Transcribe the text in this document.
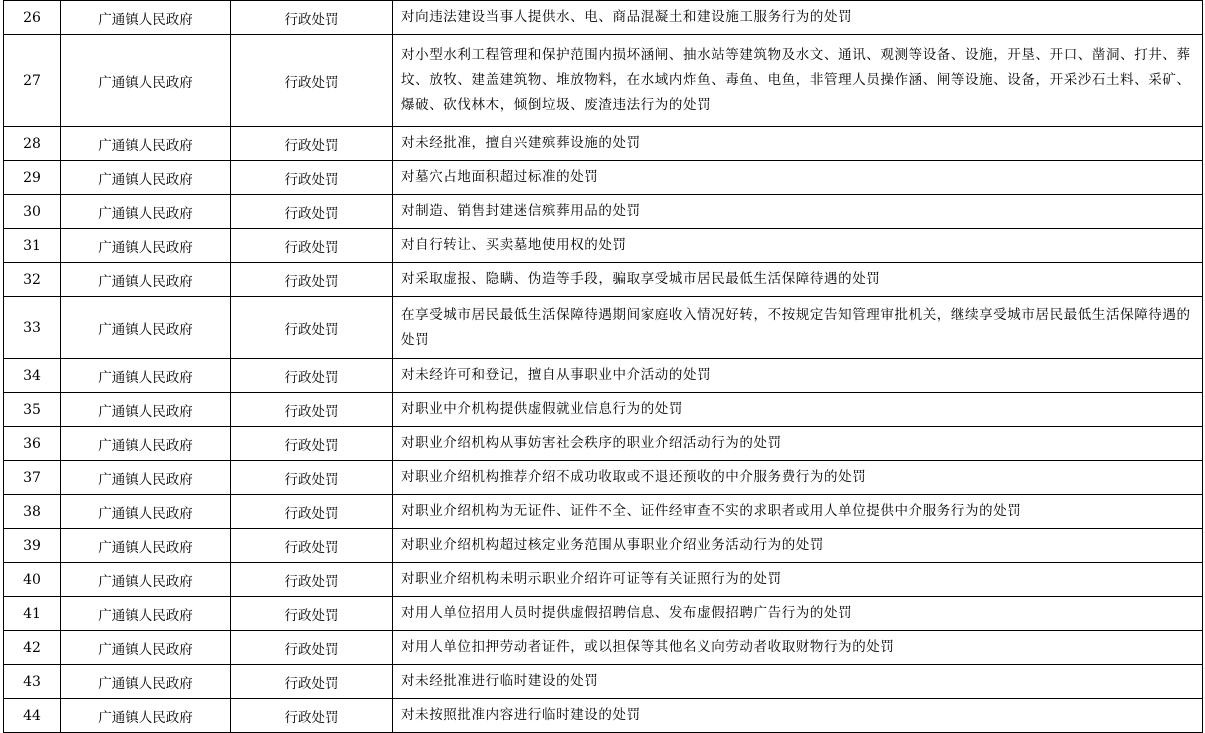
26	广通镇人民政府	行政处罚	对向违法建设当事人提供水、电、商品混凝土和建设施工服务行为的处罚
27	广通镇人民政府	行政处罚	对小型水利工程管理和保护范围内损坏涵闸、抽水站等建筑物及水文、通讯、观测等设备、设施，开垦、开口、凿洞、打井、葬坟、放牧、建盖建筑物、堆放物料，在水域内炸鱼、毒鱼、电鱼，非管理人员操作涵、闸等设施、设备，开采沙石土料、采矿、爆破、砍伐林木，倾倒垃圾、废渣违法行为的处罚
28	广通镇人民政府	行政处罚	对未经批准，擅自兴建殡葬设施的处罚
29	广通镇人民政府	行政处罚	对墓穴占地面积超过标准的处罚
30	广通镇人民政府	行政处罚	对制造、销售封建迷信殡葬用品的处罚
31	广通镇人民政府	行政处罚	对自行转让、买卖墓地使用权的处罚
32	广通镇人民政府	行政处罚	对采取虚报、隐瞒、伪造等手段，骗取享受城市居民最低生活保障待遇的处罚
33	广通镇人民政府	行政处罚	在享受城市居民最低生活保障待遇期间家庭收入情况好转，不按规定告知管理审批机关，继续享受城市居民最低生活保障待遇的处罚
34	广通镇人民政府	行政处罚	对未经许可和登记，擅自从事职业中介活动的处罚
35	广通镇人民政府	行政处罚	对职业中介机构提供虚假就业信息行为的处罚
36	广通镇人民政府	行政处罚	对职业介绍机构从事妨害社会秩序的职业介绍活动行为的处罚
37	广通镇人民政府	行政处罚	对职业介绍机构推荐介绍不成功收取或不退还预收的中介服务费行为的处罚
38	广通镇人民政府	行政处罚	对职业介绍机构为无证件、证件不全、证件经审查不实的求职者或用人单位提供中介服务行为的处罚
39	广通镇人民政府	行政处罚	对职业介绍机构超过核定业务范围从事职业介绍业务活动行为的处罚
40	广通镇人民政府	行政处罚	对职业介绍机构未明示职业介绍许可证等有关证照行为的处罚
41	广通镇人民政府	行政处罚	对用人单位招用人员时提供虚假招聘信息、发布虚假招聘广告行为的处罚
42	广通镇人民政府	行政处罚	对用人单位扣押劳动者证件，或以担保等其他名义向劳动者收取财物行为的处罚
43	广通镇人民政府	行政处罚	对未经批准进行临时建设的处罚
44	广通镇人民政府	行政处罚	对未按照批准内容进行临时建设的处罚
